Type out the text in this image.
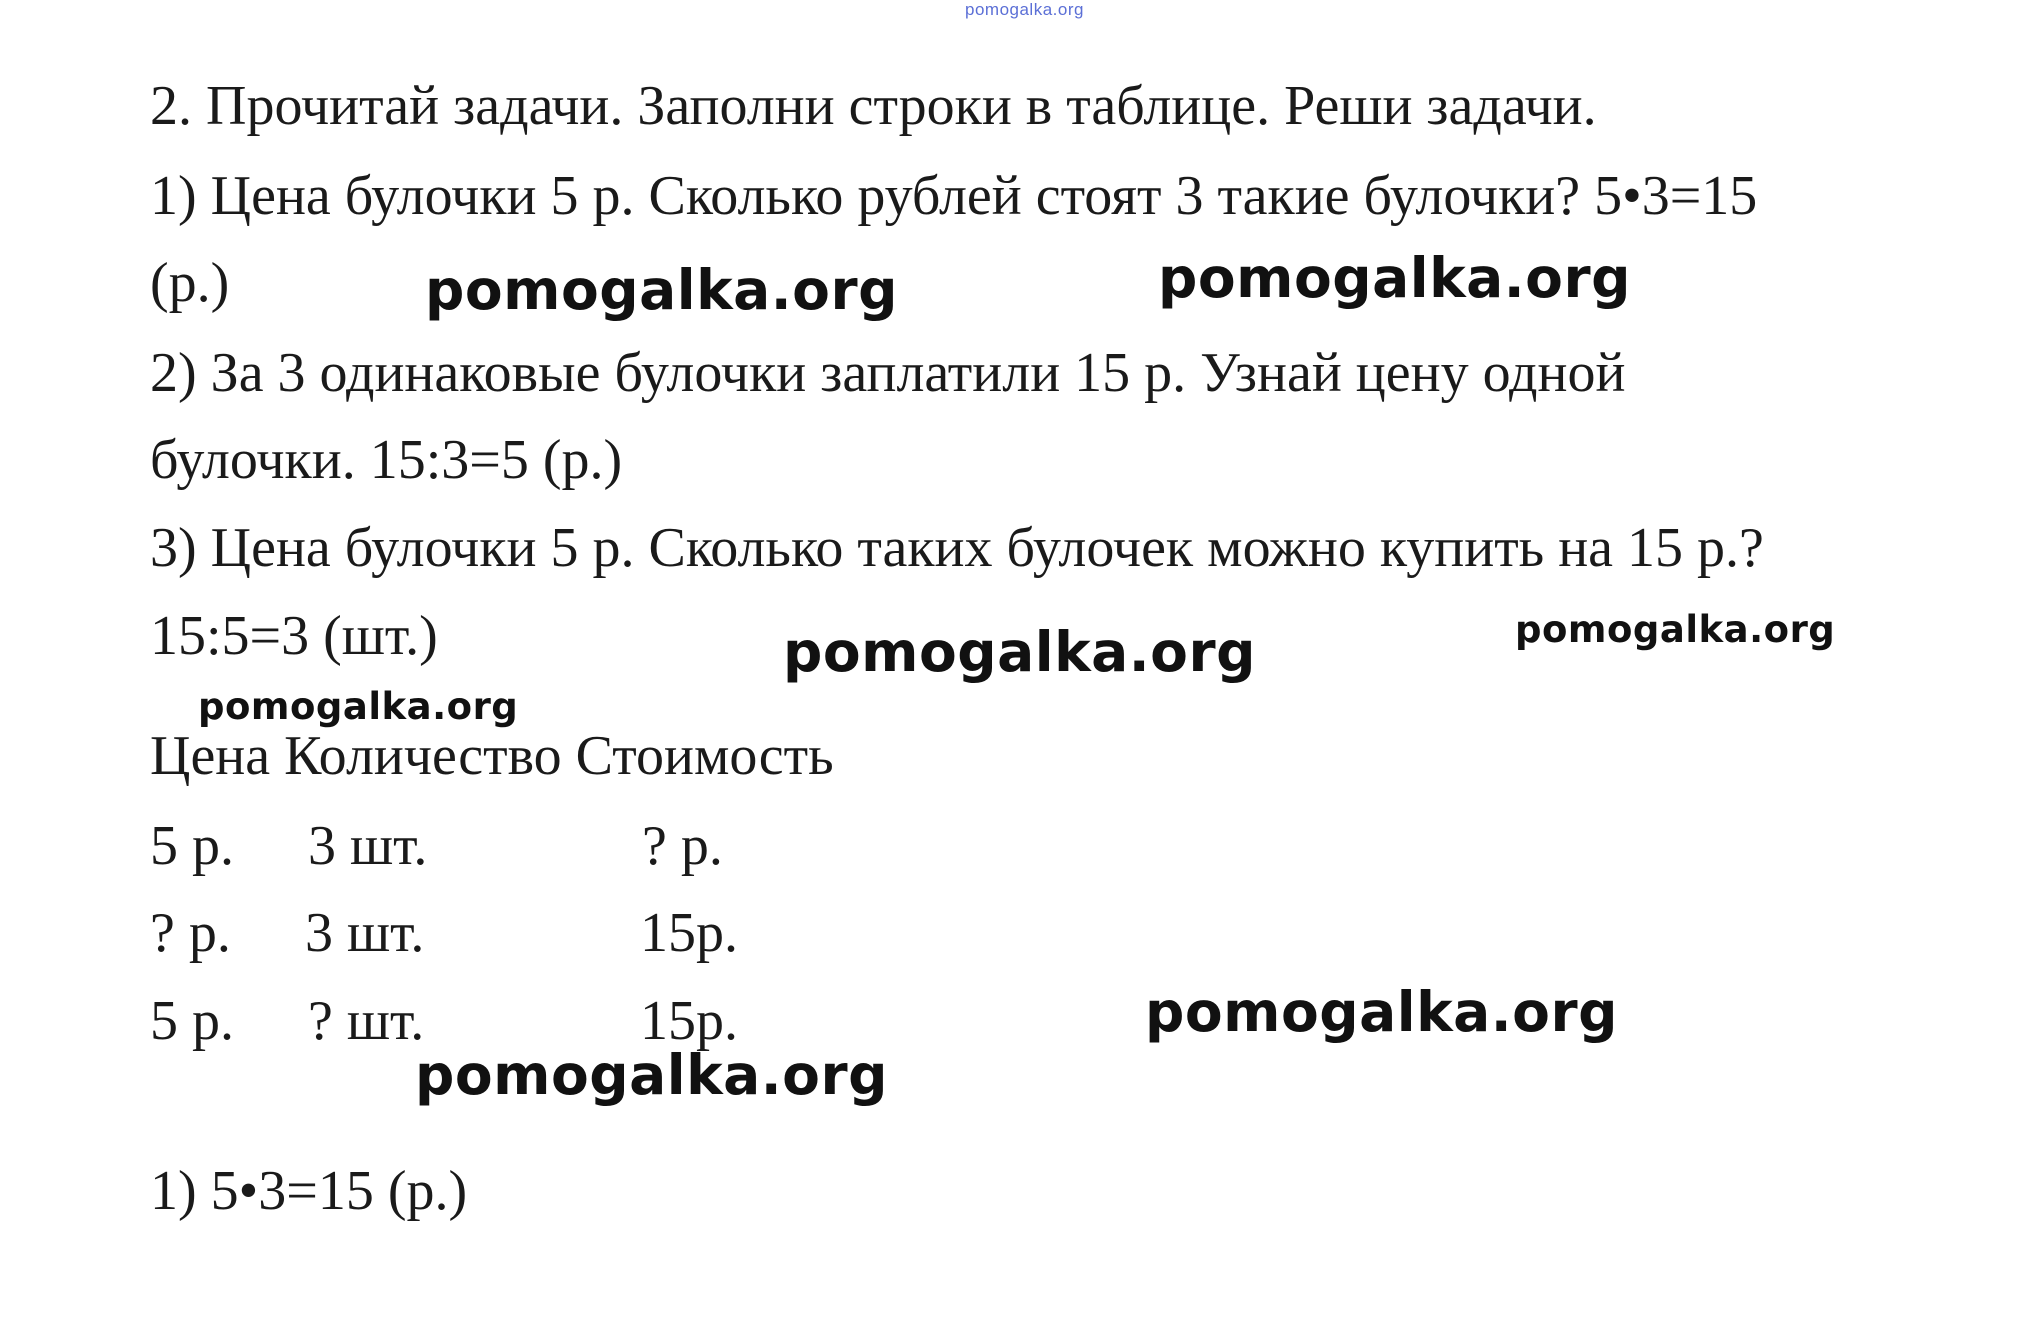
pomogalka.org
2. Прочитай задачи. Заполни строки в таблице. Реши задачи.
1) Цена булочки 5 р. Сколько рублей стоят 3 такие булочки? 5•3=15
(р.)
2) За 3 одинаковые булочки заплатили 15 р. Узнай цену одной
булочки. 15:3=5 (р.)
3) Цена булочки 5 р. Сколько таких булочек можно купить на 15 р.?
15:5=3 (шт.)
Цена Количество Стоимость
5 р. 3 шт.	? р.
? р. 3 шт.	15р.
5 р. ? шт.	15р.
1) 5•3=15 (р.)
pomogalka.org	pomogalka.org
pomogalka.org	pomogalka.org
pomogalka.org
pomogalka.org
pomogalka.org
